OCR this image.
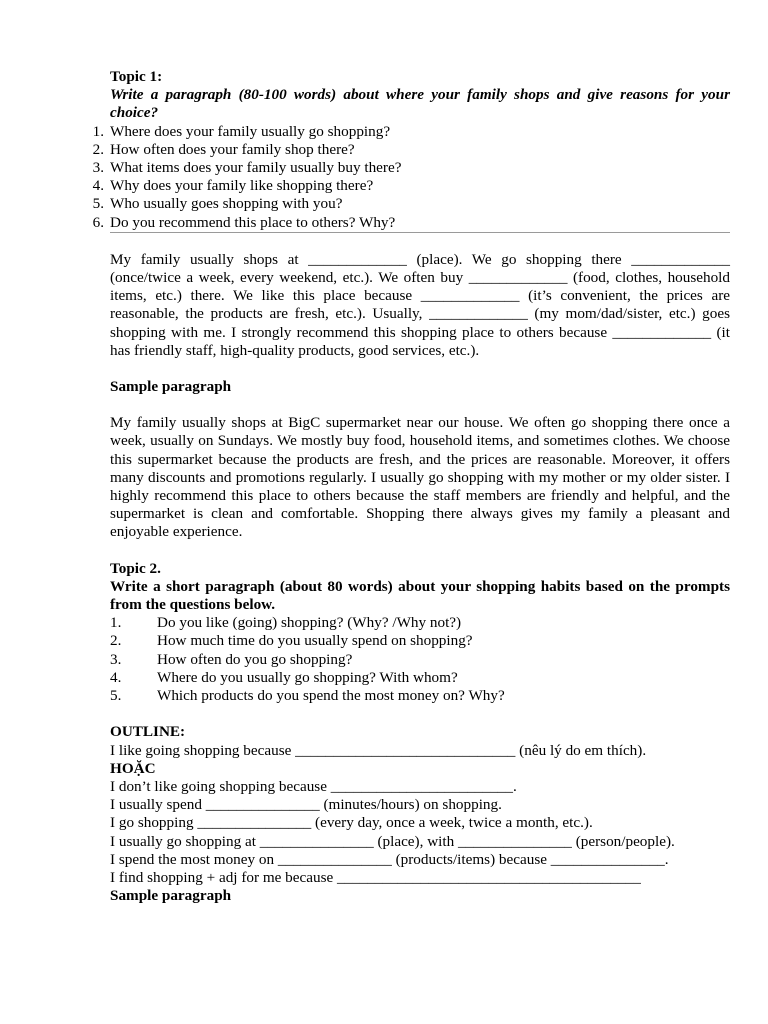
Topic 1:
Write a paragraph (80-100 words) about where your family shops and give reasons for your choice?
1. Where does your family usually go shopping?
2. How often does your family shop there?
3. What items does your family usually buy there?
4. Why does your family like shopping there?
5. Who usually goes shopping with you?
6. Do you recommend this place to others? Why?
My family usually shops at _____________ (place). We go shopping there _____________ (once/twice a week, every weekend, etc.). We often buy _____________ (food, clothes, household items, etc.) there. We like this place because _____________ (it’s convenient, the prices are reasonable, the products are fresh, etc.). Usually, _____________ (my mom/dad/sister, etc.) goes shopping with me. I strongly recommend this shopping place to others because _____________ (it has friendly staff, high-quality products, good services, etc.).
Sample paragraph
My family usually shops at BigC supermarket near our house. We often go shopping there once a week, usually on Sundays. We mostly buy food, household items, and sometimes clothes. We choose this supermarket because the products are fresh, and the prices are reasonable. Moreover, it offers many discounts and promotions regularly. I usually go shopping with my mother or my older sister. I highly recommend this place to others because the staff members are friendly and helpful, and the supermarket is clean and comfortable. Shopping there always gives my family a pleasant and enjoyable experience.
Topic 2.
Write a short paragraph (about 80 words) about your shopping habits based on the prompts from the questions below.
1. Do you like (going) shopping? (Why? /Why not?)
2. How much time do you usually spend on shopping?
3. How often do you go shopping?
4. Where do you usually go shopping? With whom?
5. Which products do you spend the most money on? Why?
OUTLINE:
I like going shopping because _____________________________ (nêu lý do em thích).
HOẶC
I don’t like going shopping because ________________________.
I usually spend _______________ (minutes/hours) on shopping.
I go shopping _______________ (every day, once a week, twice a month, etc.).
I usually go shopping at _______________ (place), with _______________ (person/people).
I spend the most money on _______________ (products/items) because _______________.
I find shopping + adj for me because ________________________________________
Sample paragraph
